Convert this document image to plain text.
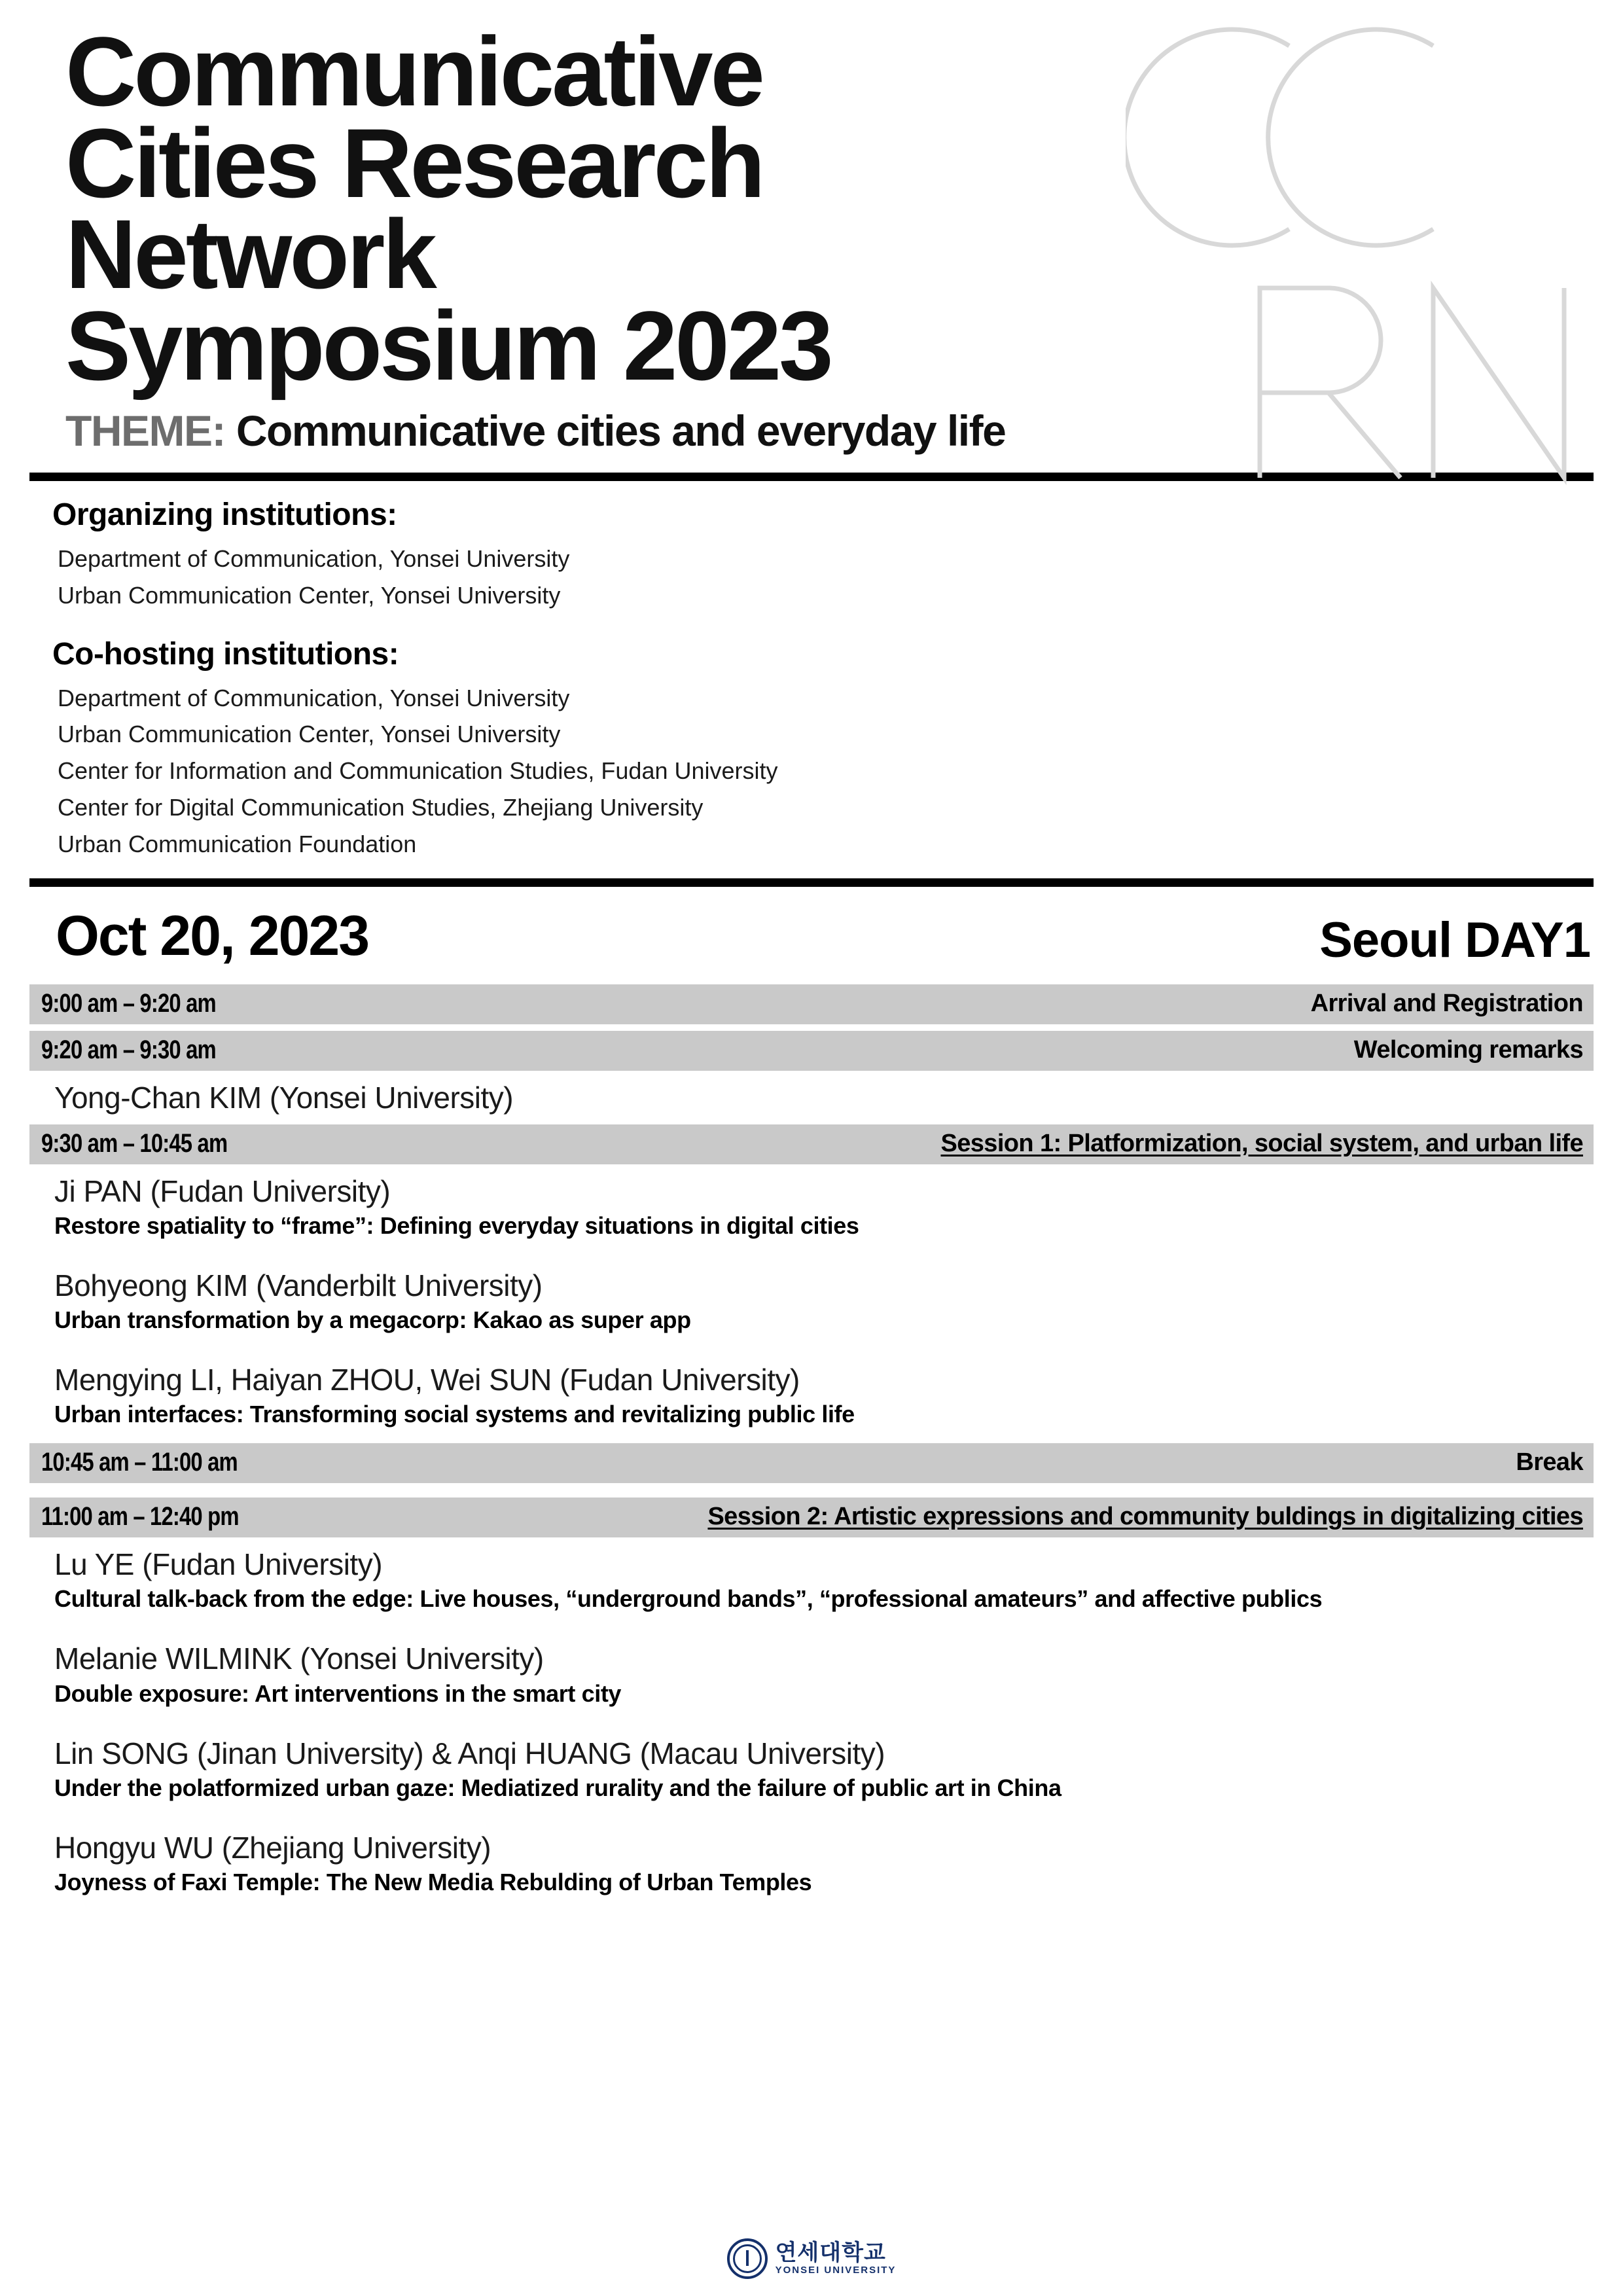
Communicative
Cities Research
Network
Symposium 2023
THEME: Communicative cities and everyday life
Organizing institutions:
Department of Communication, Yonsei University
Urban Communication Center, Yonsei University
Co-hosting institutions:
Department of Communication, Yonsei University
Urban Communication Center, Yonsei University
Center for Information and Communication Studies, Fudan University
Center for Digital Communication Studies, Zhejiang University
Urban Communication Foundation
Oct 20, 2023	Seoul DAY1
9:00 am – 9:20 am	Arrival and Registration
9:20 am – 9:30 am	Welcoming remarks
Yong-Chan KIM (Yonsei University)
9:30 am – 10:45 am	Session 1: Platformization, social system, and urban life
Ji PAN (Fudan University)
Restore spatiality to “frame”: Defining everyday situations in digital cities
Bohyeong KIM (Vanderbilt University)
Urban transformation by a megacorp: Kakao as super app
Mengying LI, Haiyan ZHOU, Wei SUN (Fudan University)
Urban interfaces: Transforming social systems and revitalizing public life
10:45 am – 11:00 am	Break
11:00 am – 12:40 pm	Session 2: Artistic expressions and community buldings in digitalizing cities
Lu YE (Fudan University)
Cultural talk-back from the edge: Live houses, “underground bands”, “professional amateurs” and affective publics
Melanie WILMINK (Yonsei University)
Double exposure: Art interventions in the smart city
Lin SONG (Jinan University) & Anqi HUANG (Macau University)
Under the polatformized urban gaze: Mediatized rurality and the failure of public art in China
Hongyu WU (Zhejiang University)
Joyness of Faxi Temple: The New Media Rebulding of Urban Temples
연세대학교
YONSEI UNIVERSITY
